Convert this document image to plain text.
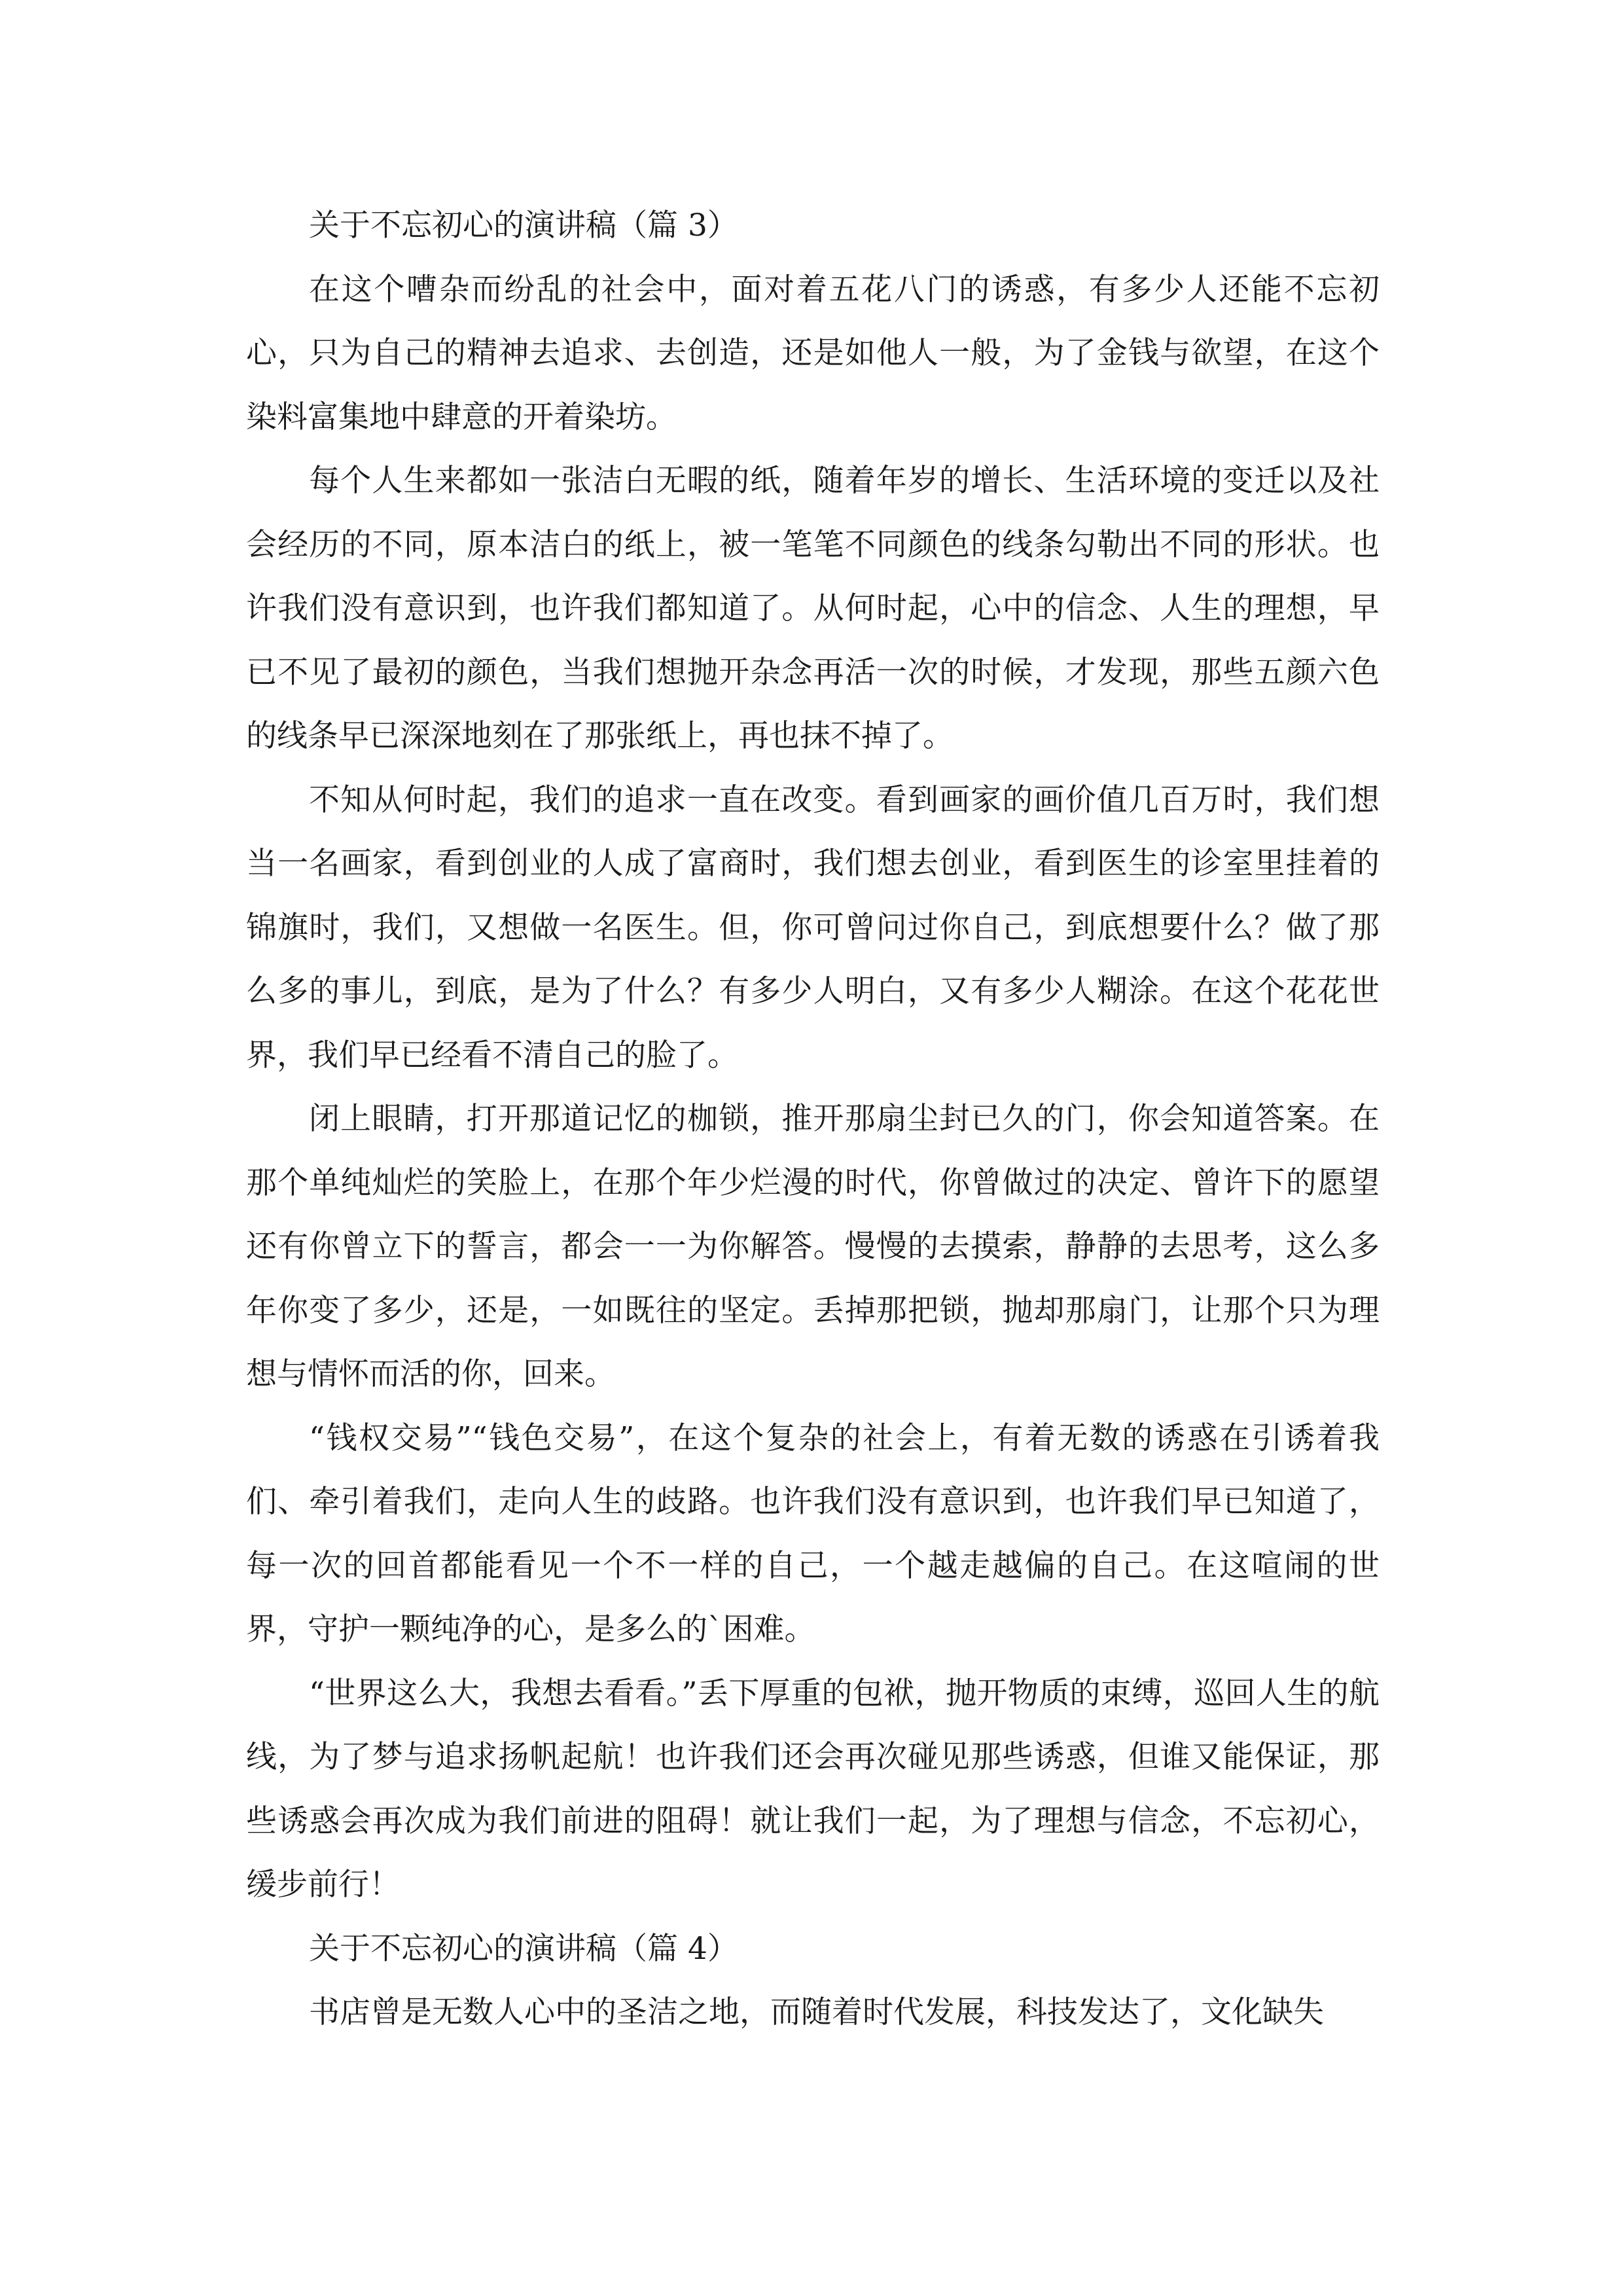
关于不忘初心的演讲稿（篇 3）

在这个嘈杂而纷乱的社会中，面对着五花八门的诱惑，有多少人还能不忘初心，只为自己的精神去追求、去创造，还是如他人一般，为了金钱与欲望，在这个染料富集地中肆意的开着染坊。

每个人生来都如一张洁白无暇的纸，随着年岁的增长、生活环境的变迁以及社会经历的不同，原本洁白的纸上，被一笔笔不同颜色的线条勾勒出不同的形状。也许我们没有意识到，也许我们都知道了。从何时起，心中的信念、人生的理想，早已不见了最初的颜色，当我们想抛开杂念再活一次的时候，才发现，那些五颜六色的线条早已深深地刻在了那张纸上，再也抹不掉了。

不知从何时起，我们的追求一直在改变。看到画家的画价值几百万时，我们想当一名画家，看到创业的人成了富商时，我们想去创业，看到医生的诊室里挂着的锦旗时，我们，又想做一名医生。但，你可曾问过你自己，到底想要什么？做了那么多的事儿，到底，是为了什么？有多少人明白，又有多少人糊涂。在这个花花世界，我们早已经看不清自己的脸了。

闭上眼睛，打开那道记忆的枷锁，推开那扇尘封已久的门，你会知道答案。在那个单纯灿烂的笑脸上，在那个年少烂漫的时代，你曾做过的决定、曾许下的愿望还有你曾立下的誓言，都会一一为你解答。慢慢的去摸索，静静的去思考，这么多年你变了多少，还是，一如既往的坚定。丢掉那把锁，抛却那扇门，让那个只为理想与情怀而活的你，回来。

“钱权交易”“钱色交易”，在这个复杂的社会上，有着无数的诱惑在引诱着我们、牵引着我们，走向人生的歧路。也许我们没有意识到，也许我们早已知道了，每一次的回首都能看见一个不一样的自己，一个越走越偏的自己。在这喧闹的世界，守护一颗纯净的心，是多么的`困难。

“世界这么大，我想去看看。”丢下厚重的包袱，抛开物质的束缚，巡回人生的航线，为了梦与追求扬帆起航！也许我们还会再次碰见那些诱惑，但谁又能保证，那些诱惑会再次成为我们前进的阻碍！就让我们一起，为了理想与信念，不忘初心，缓步前行！

关于不忘初心的演讲稿（篇 4）

书店曾是无数人心中的圣洁之地，而随着时代发展，科技发达了，文化缺失
